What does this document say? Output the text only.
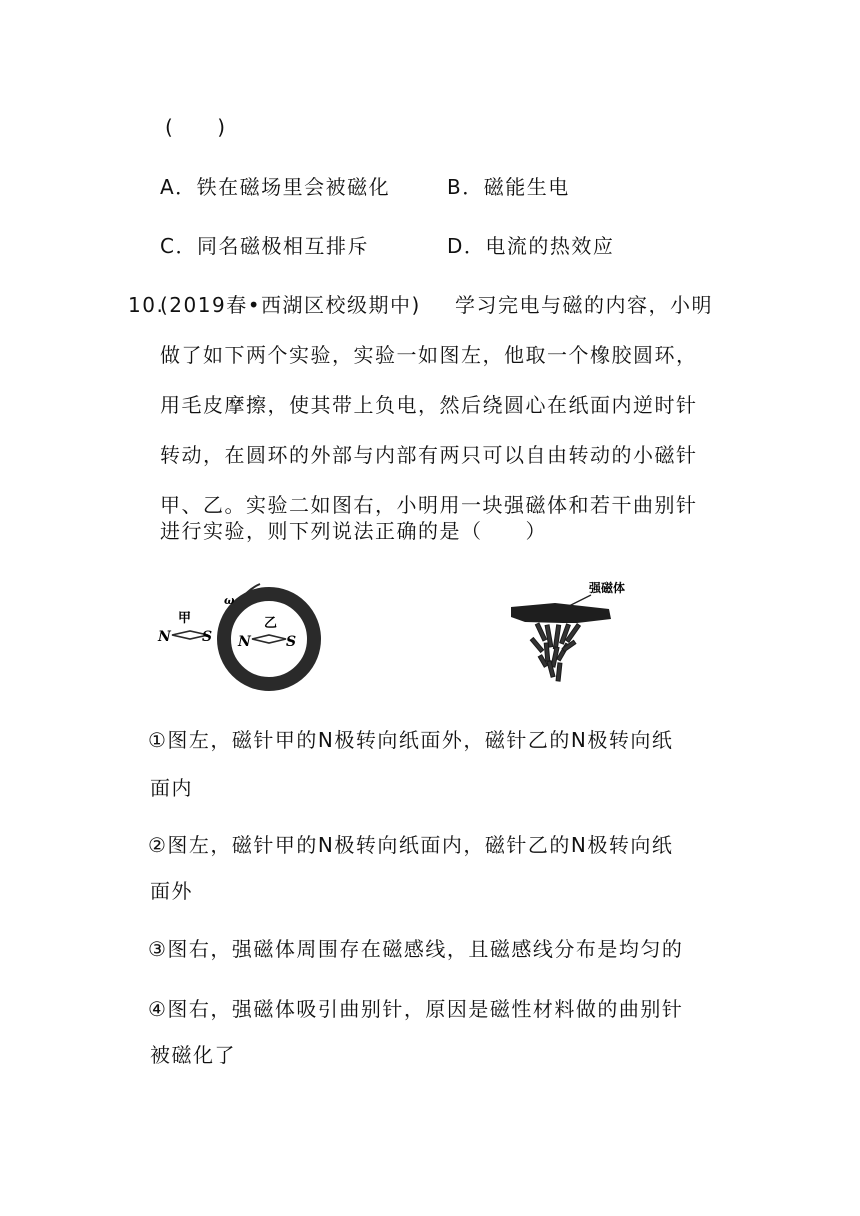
(　　)
A．铁在磁场里会被磁化	B．磁能生电
C．同名磁极相互排斥	D．电流的热效应
10.
(2019春•西湖区校级期中) 学习完电与磁的内容，小明
做了如下两个实验，实验一如图左，他取一个橡胶圆环，
用毛皮摩擦，使其带上负电，然后绕圆心在纸面内逆时针
转动，在圆环的外部与内部有两只可以自由转动的小磁针
甲、乙。实验二如图右，小明用一块强磁体和若干曲别针
进行实验，则下列说法正确的是（　　）
ω
甲
N S
乙
N	S
强磁体
①图左，磁针甲的N极转向纸面外，磁针乙的N极转向纸
面内
②图左，磁针甲的N极转向纸面内，磁针乙的N极转向纸
面外
③图右，强磁体周围存在磁感线，且磁感线分布是均匀的
④图右，强磁体吸引曲别针，原因是磁性材料做的曲别针
被磁化了
